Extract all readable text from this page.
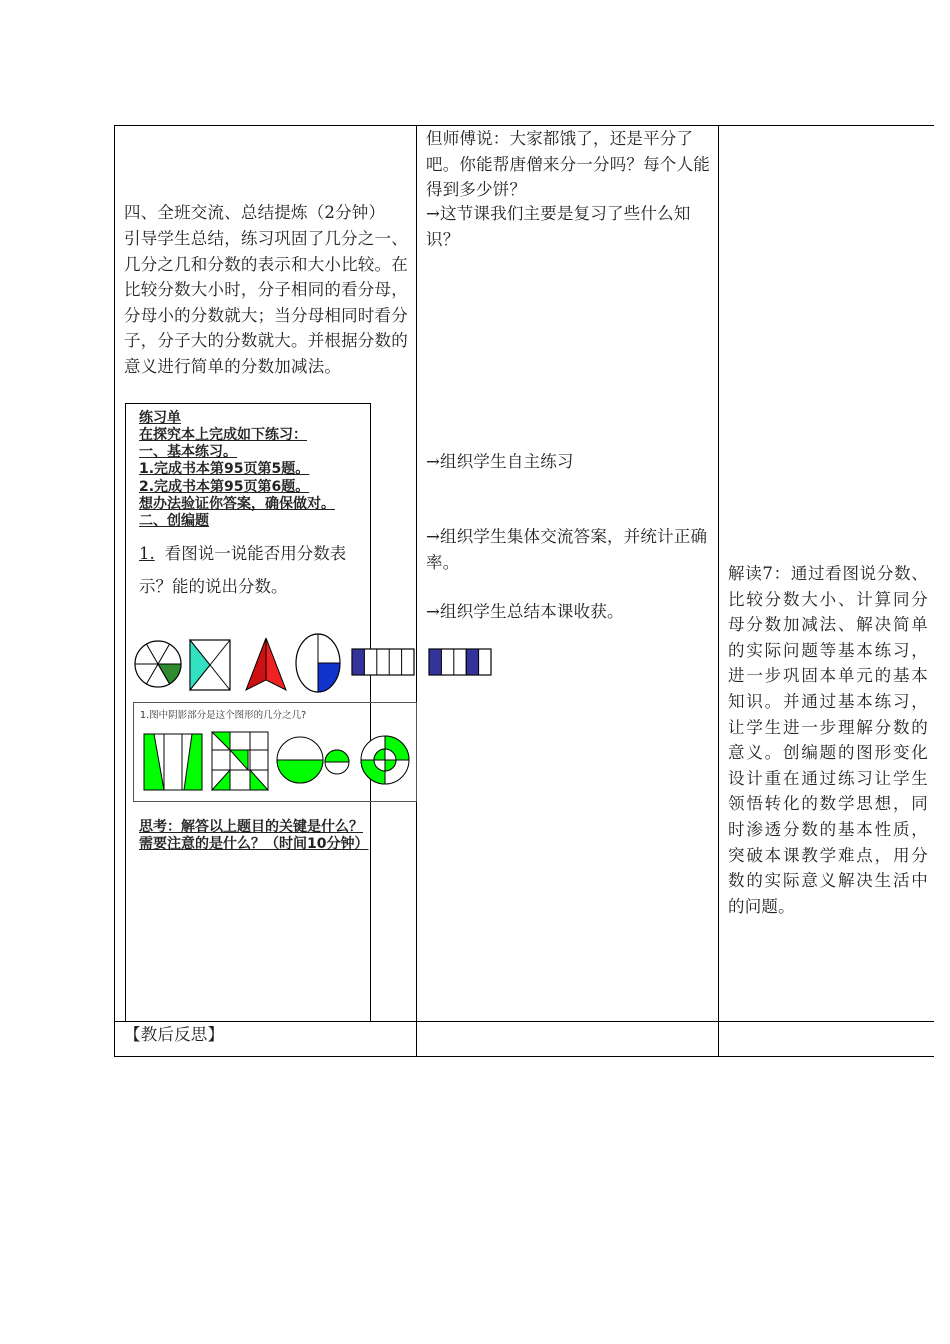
四、全班交流、总结提炼（2分钟）
引导学生总结，练习巩固了几分之一、几分之几和分数的表示和大小比较。在比较分数大小时，分子相同的看分母，分母小的分数就大；当分母相同时看分子，分子大的分数就大。并根据分数的意义进行简单的分数加减法。
练习单
在探究本上完成如下练习：
一、基本练习。
1.完成书本第95页第5题。
2.完成书本第95页第6题。
想办法验证你答案，确保做对。
二、创编题
1. 看图说一说能否用分数表示？能的说出分数。
1.图中阴影部分是这个图形的几分之几?
思考：解答以上题目的关键是什么？需要注意的是什么？（时间10分钟）
但师傅说：大家都饿了，还是平分了吧。你能帮唐僧来分一分吗？每个人能得到多少饼？
→这节课我们主要是复习了些什么知识？
→组织学生自主练习
→组织学生集体交流答案，并统计正确率。
→组织学生总结本课收获。
解读7：通过看图说分数、比较分数大小、计算同分母分数加减法、解决简单的实际问题等基本练习，进一步巩固本单元的基本知识。并通过基本练习，让学生进一步理解分数的意义。创编题的图形变化设计重在通过练习让学生领悟转化的数学思想，同时渗透分数的基本性质，突破本课教学难点，用分数的实际意义解决生活中的问题。
【教后反思】
